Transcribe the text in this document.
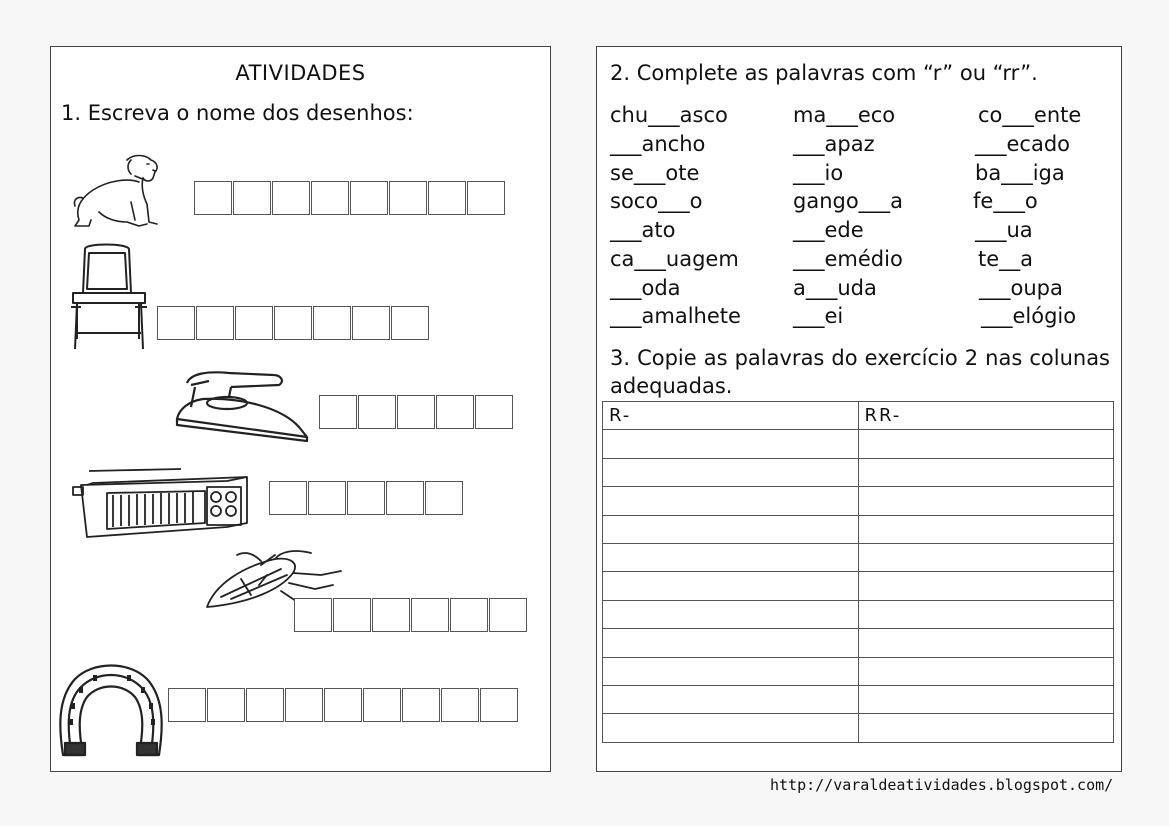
ATIVIDADES
1. Escreva o nome dos desenhos:
2. Complete as palavras com “r” ou “rr”.
chu___asco	ma___eco	co___ente
___ancho	___apaz	___ecado
se___ote	___io	ba___iga
soco___o	gango___a	fe___o
___ato	___ede	___ua
ca___uagem	___emédio	te__a
___oda	a___uda	___oupa
___amalhete ___ei	___elógio
3. Copie as palavras do exercício 2 nas colunas adequadas.
R-	RR-

http://varaldeatividades.blogspot.com/
